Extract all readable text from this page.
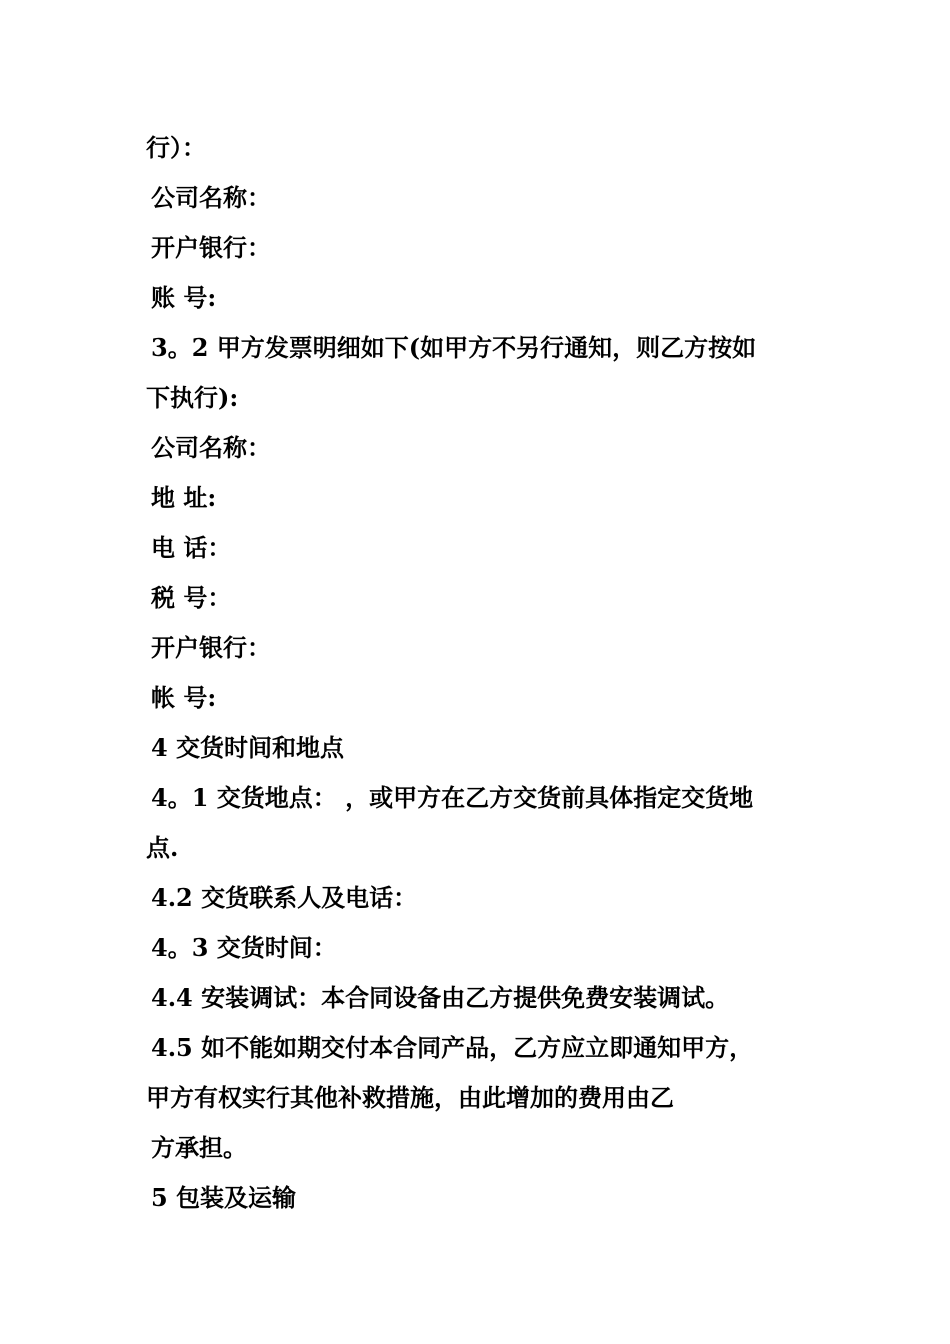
行）：
公司名称：
开户银行：
账 号:
3。2 甲方发票明细如下(如甲方不另行通知，则乙方按如
下执行):
公司名称：
地 址:
电 话：
税 号：
开户银行：
帐 号:
4 交货时间和地点
4。1 交货地点： ，或甲方在乙方交货前具体指定交货地
点.
4.2 交货联系人及电话：
4。3 交货时间：
4.4 安装调试：本合同设备由乙方提供免费安装调试。
4.5 如不能如期交付本合同产品，乙方应立即通知甲方，
甲方有权实行其他补救措施，由此增加的费用由乙
方承担。
5 包装及运输
